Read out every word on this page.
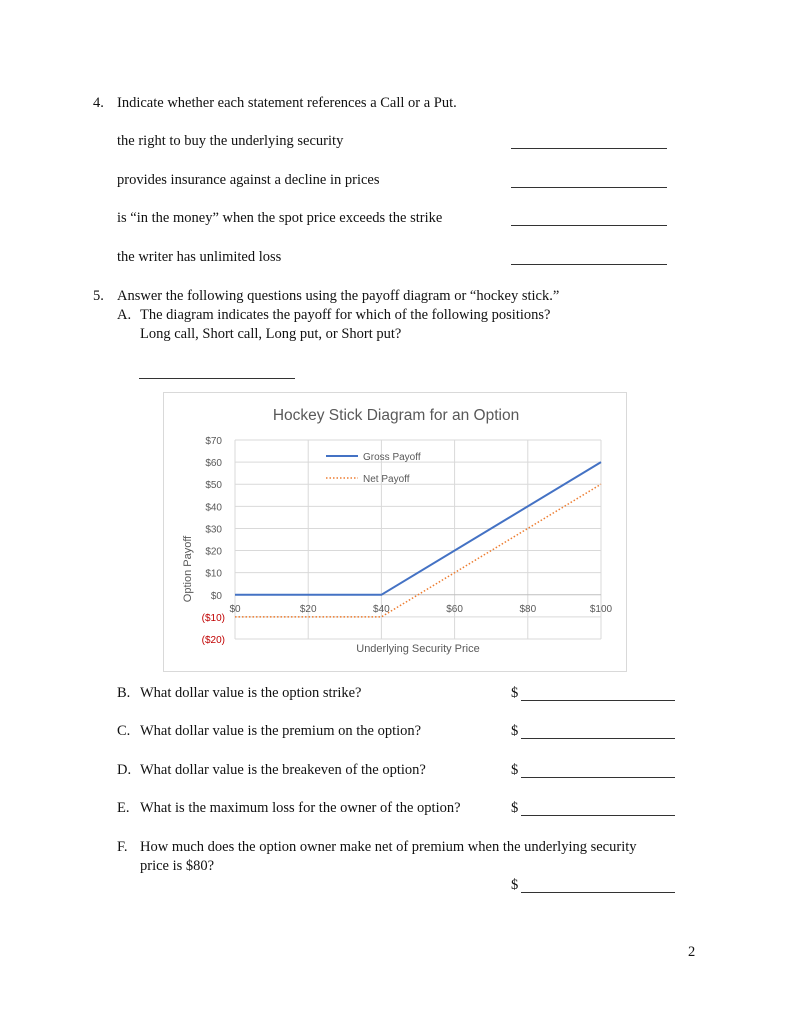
4. Indicate whether each statement references a Call or a Put.
the right to buy the underlying security
provides insurance against a decline in prices
is “in the money” when the spot price exceeds the strike
the writer has unlimited loss
5. Answer the following questions using the payoff diagram or “hockey stick.”
A. The diagram indicates the payoff for which of the following positions?
Long call, Short call, Long put, or Short put?
Hockey Stick Diagram for an Option
$70
$60
$50
$40
$30
$20
$10
$0
($10)
($20)
$0	$20	$40	$60	$80	$100
Gross Payoff
Net Payoff
Underlying Security Price
Option Payoff
B. What dollar value is the option strike?	$
C. What dollar value is the premium on the option?	$
D. What dollar value is the breakeven of the option?	$
E. What is the maximum loss for the owner of the option?	$
F. How much does the option owner make net of premium when the underlying security
price is $80?
$
2
